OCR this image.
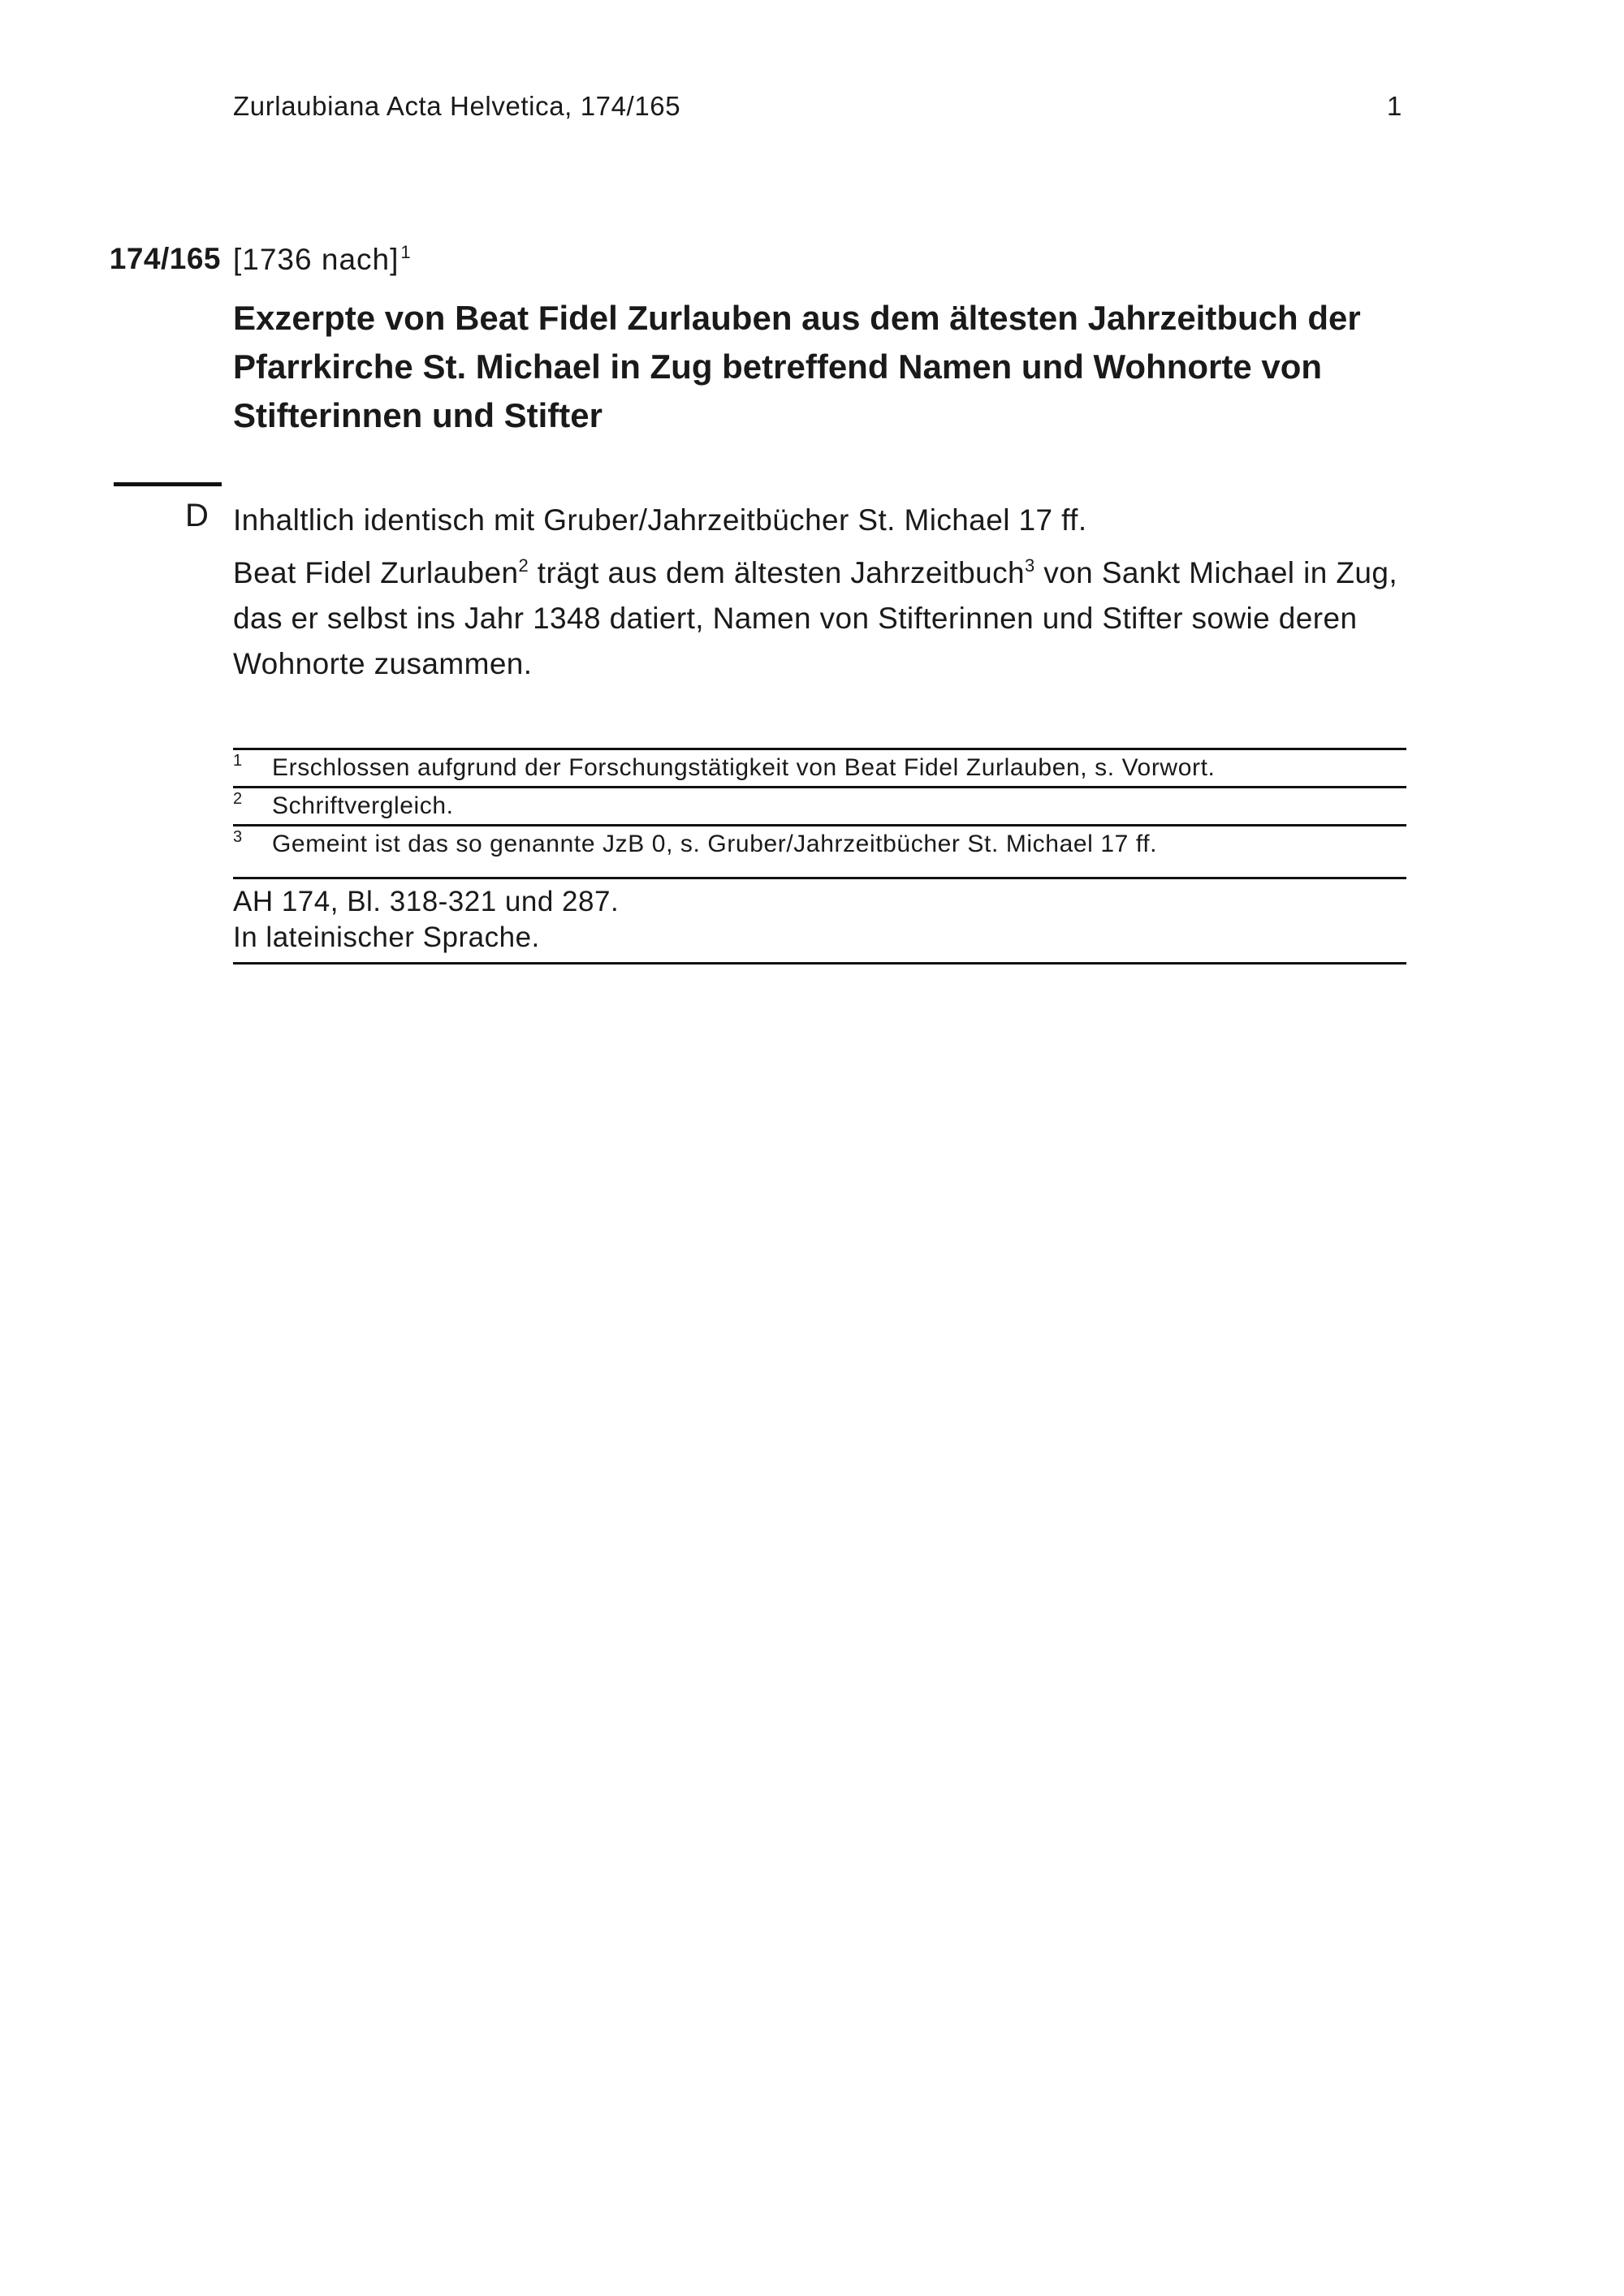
Zurlaubiana Acta Helvetica, 174/165	1
174/165 [1736 nach]$^1$
Exzerpte von Beat Fidel Zurlauben aus dem ältesten Jahrzeitbuch der Pfarrkirche St. Michael in Zug betreffend Namen und Wohnorte von Stifterinnen und Stifter
D Inhaltlich identisch mit Gruber/Jahrzeitbücher St. Michael 17 ff.

Beat Fidel Zurlauben$^2$ trägt aus dem ältesten Jahrzeitbuch$^3$ von Sankt Michael in Zug, das er selbst ins Jahr 1348 datiert, Namen von Stifterinnen und Stifter sowie deren Wohnorte zusammen.

1 Erschlossen aufgrund der Forschungstätigkeit von Beat Fidel Zurlauben, s. Vorwort.
2 Schriftvergleich.
3 Gemeint ist das so genannte JzB 0, s. Gruber/Jahrzeitbücher St. Michael 17 ff.
AH 174, Bl. 318-321 und 287.
In lateinischer Sprache.
